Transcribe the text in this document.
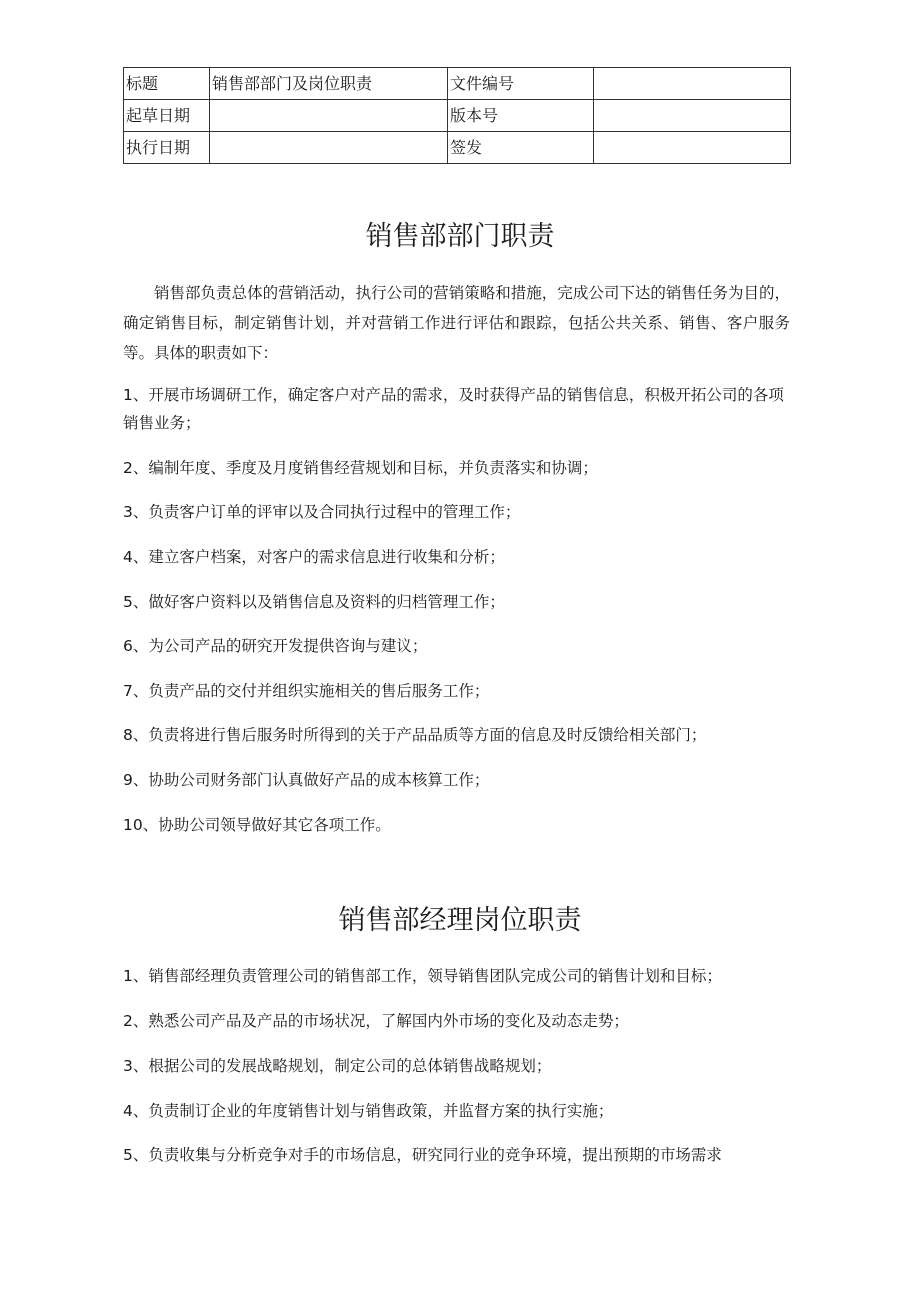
标题	销售部部门及岗位职责	文件编号	
起草日期		版本号	
执行日期		签发	
销售部部门职责

销售部负责总体的营销活动，执行公司的营销策略和措施，完成公司下达的销售任务为目的，确定销售目标，制定销售计划，并对营销工作进行评估和跟踪，包括公共关系、销售、客户服务等。具体的职责如下：

1、开展市场调研工作，确定客户对产品的需求，及时获得产品的销售信息，积极开拓公司的各项销售业务；

2、编制年度、季度及月度销售经营规划和目标，并负责落实和协调；

3、负责客户订单的评审以及合同执行过程中的管理工作；

4、建立客户档案，对客户的需求信息进行收集和分析；

5、做好客户资料以及销售信息及资料的归档管理工作；

6、为公司产品的研究开发提供咨询与建议；

7、负责产品的交付并组织实施相关的售后服务工作；

8、负责将进行售后服务时所得到的关于产品品质等方面的信息及时反馈给相关部门；

9、协助公司财务部门认真做好产品的成本核算工作；

10、协助公司领导做好其它各项工作。

销售部经理岗位职责

1、销售部经理负责管理公司的销售部工作，领导销售团队完成公司的销售计划和目标；

2、熟悉公司产品及产品的市场状况，了解国内外市场的变化及动态走势；

3、根据公司的发展战略规划，制定公司的总体销售战略规划；

4、负责制订企业的年度销售计划与销售政策，并监督方案的执行实施；

5、负责收集与分析竞争对手的市场信息，研究同行业的竞争环境，提出预期的市场需求
